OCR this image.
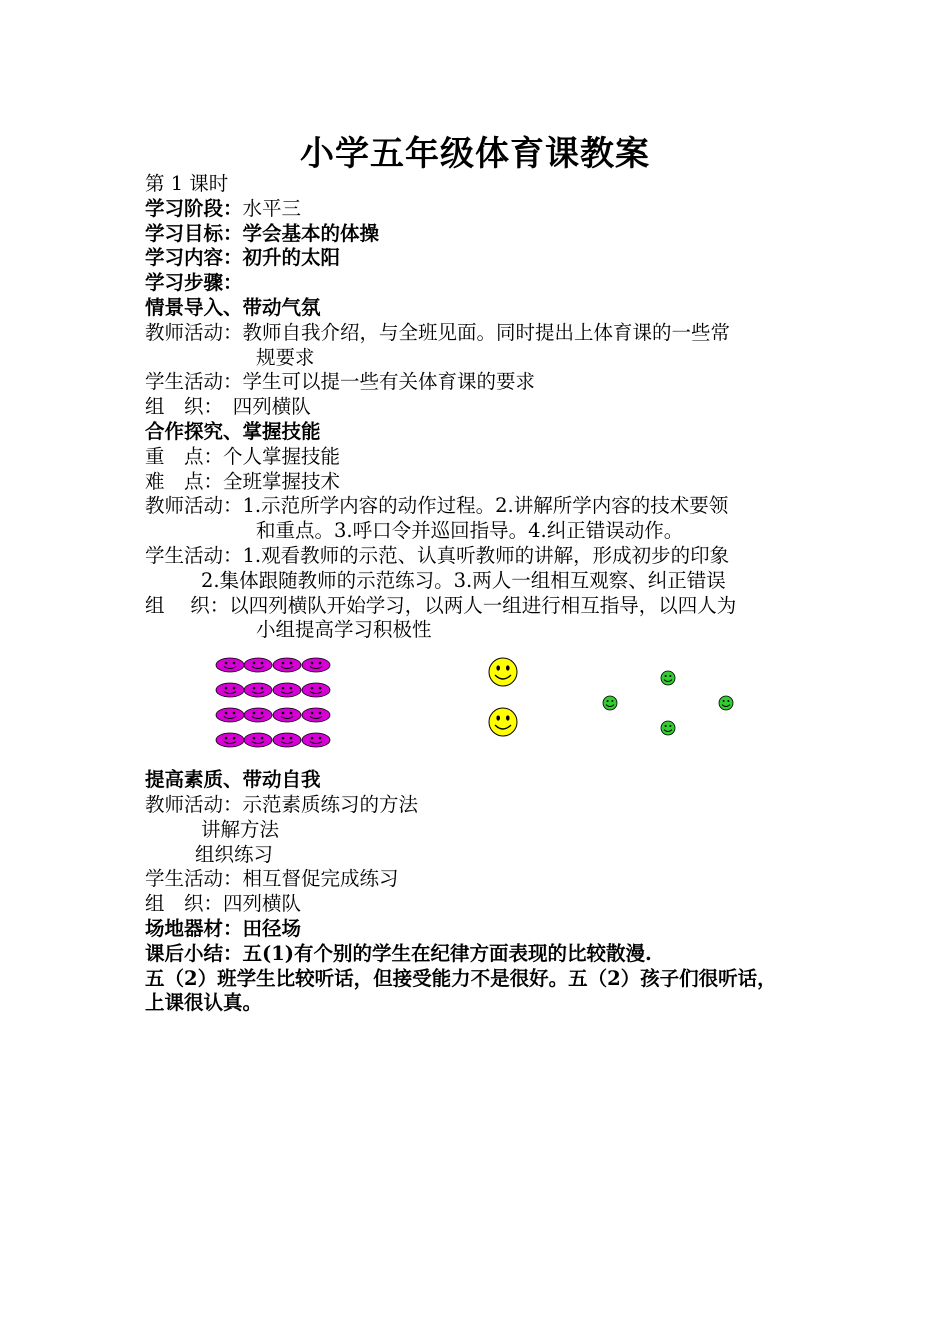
小学五年级体育课教案
第 1 课时
学习阶段：水平三
学习目标：学会基本的体操
学习内容：初升的太阳
学习步骤：
情景导入、带动气氛
教师活动：教师自我介绍，与全班见面。同时提出上体育课的一些常
规要求
学生活动：学生可以提一些有关体育课的要求
组　织：　四列横队
合作探究、掌握技能
重　点：个人掌握技能
难　点：全班掌握技术
教师活动：1.示范所学内容的动作过程。2.讲解所学内容的技术要领
和重点。3.呼口令并巡回指导。4.纠正错误动作。
学生活动：1.观看教师的示范、认真听教师的讲解，形成初步的印象
2.集体跟随教师的示范练习。3.两人一组相互观察、纠正错误
组　 织：以四列横队开始学习，以两人一组进行相互指导，以四人为
小组提高学习积极性
提高素质、带动自我
教师活动：示范素质练习的方法
讲解方法
组织练习
学生活动：相互督促完成练习
组　织：四列横队
场地器材：田径场
课后小结：五(1)有个别的学生在纪律方面表现的比较散漫.
五（2）班学生比较听话，但接受能力不是很好。五（2）孩子们很听话，
上课很认真。
